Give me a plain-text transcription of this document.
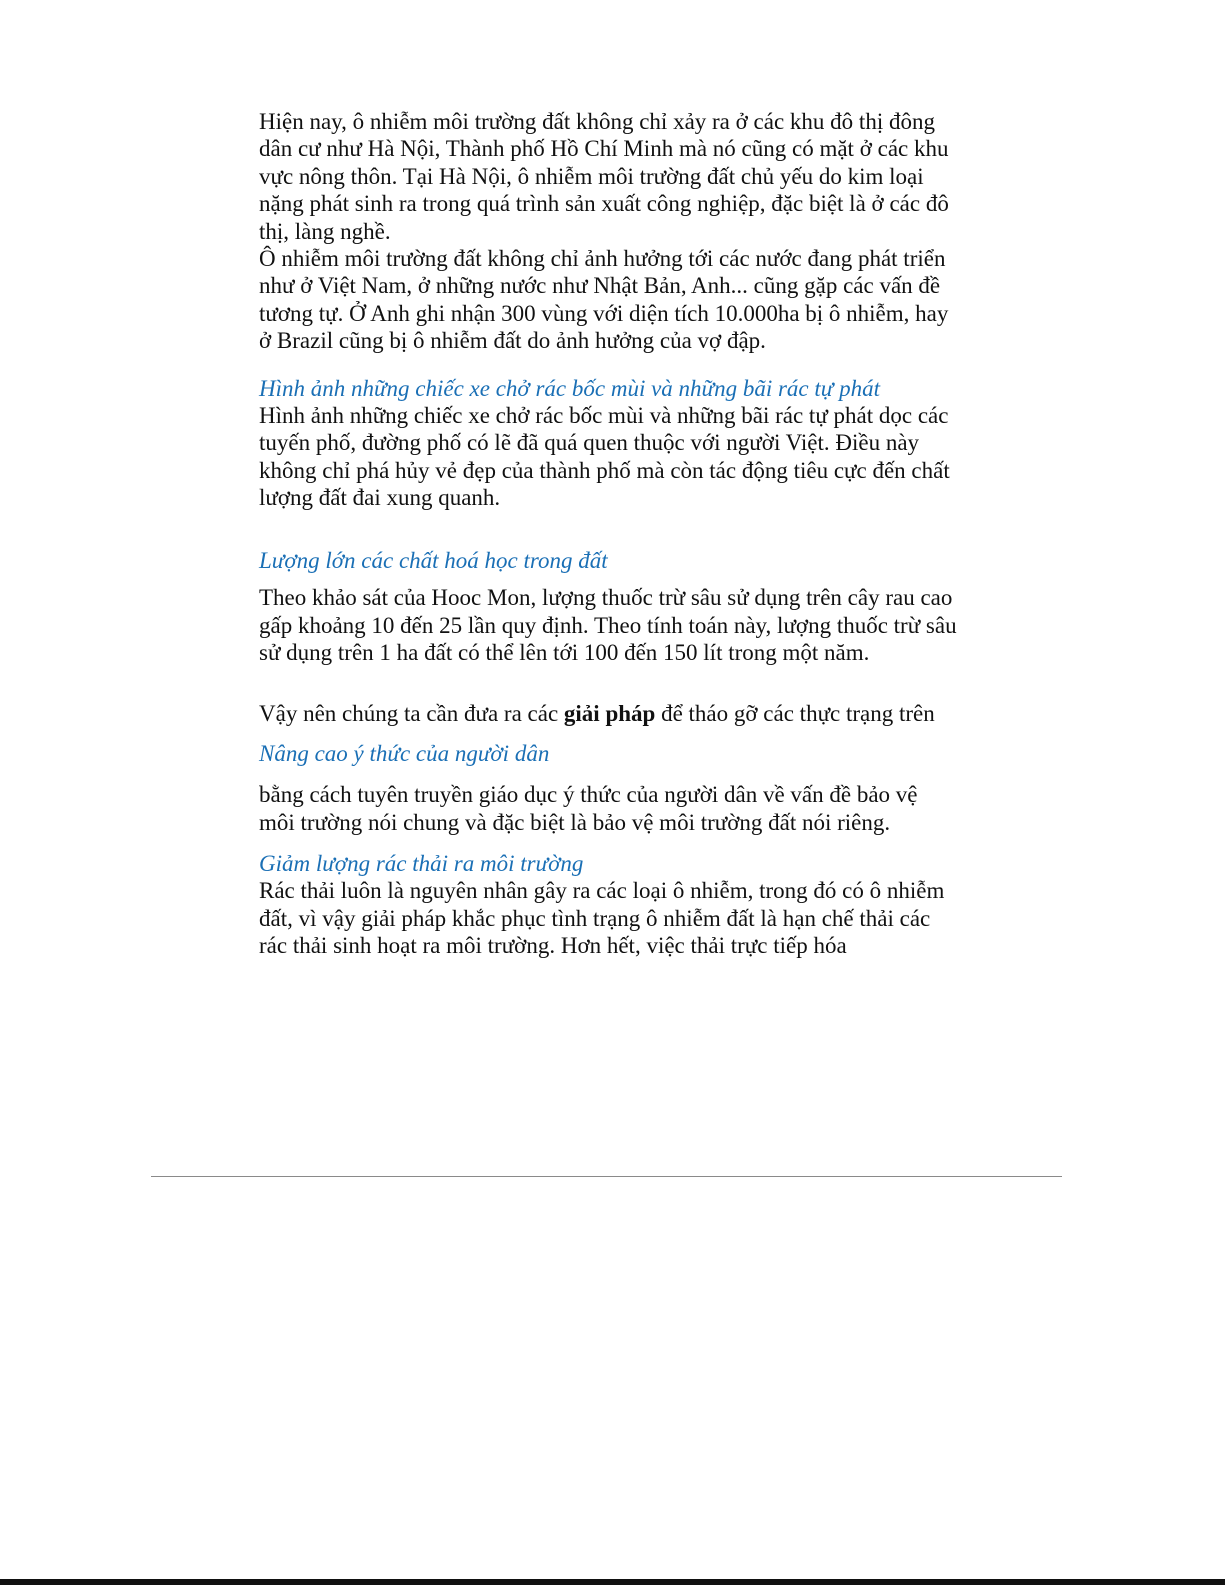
Hiện nay, ô nhiễm môi trường đất không chỉ xảy ra ở các khu đô thị đông dân cư như Hà Nội, Thành phố Hồ Chí Minh mà nó cũng có mặt ở các khu vực nông thôn. Tại Hà Nội, ô nhiễm môi trường đất chủ yếu do kim loại nặng phát sinh ra trong quá trình sản xuất công nghiệp, đặc biệt là ở các đô thị, làng nghề.

Ô nhiễm môi trường đất không chỉ ảnh hưởng tới các nước đang phát triển như ở Việt Nam, ở những nước như Nhật Bản, Anh... cũng gặp các vấn đề tương tự. Ở Anh ghi nhận 300 vùng với diện tích 10.000ha bị ô nhiễm, hay ở Brazil cũng bị ô nhiễm đất do ảnh hưởng của vợ đập.

Hình ảnh những chiếc xe chở rác bốc mùi và những bãi rác tự phát

Hình ảnh những chiếc xe chở rác bốc mùi và những bãi rác tự phát dọc các tuyến phố, đường phố có lẽ đã quá quen thuộc với người Việt. Điều này không chỉ phá hủy vẻ đẹp của thành phố mà còn tác động tiêu cực đến chất lượng đất đai xung quanh.

Lượng lớn các chất hoá học trong đất

Theo khảo sát của Hooc Mon, lượng thuốc trừ sâu sử dụng trên cây rau cao gấp khoảng 10 đến 25 lần quy định. Theo tính toán này, lượng thuốc trừ sâu sử dụng trên 1 ha đất có thể lên tới 100 đến 150 lít trong một năm.

Vậy nên chúng ta cần đưa ra các giải pháp để tháo gỡ các thực trạng trên

Nâng cao ý thức của người dân

bằng cách tuyên truyền giáo dục ý thức của người dân về vấn đề bảo vệ môi trường nói chung và đặc biệt là bảo vệ môi trường đất nói riêng.

Giảm lượng rác thải ra môi trường

Rác thải luôn là nguyên nhân gây ra các loại ô nhiễm, trong đó có ô nhiễm đất, vì vậy giải pháp khắc phục tình trạng ô nhiễm đất là hạn chế thải các rác thải sinh hoạt ra môi trường. Hơn hết, việc thải trực tiếp hóa
